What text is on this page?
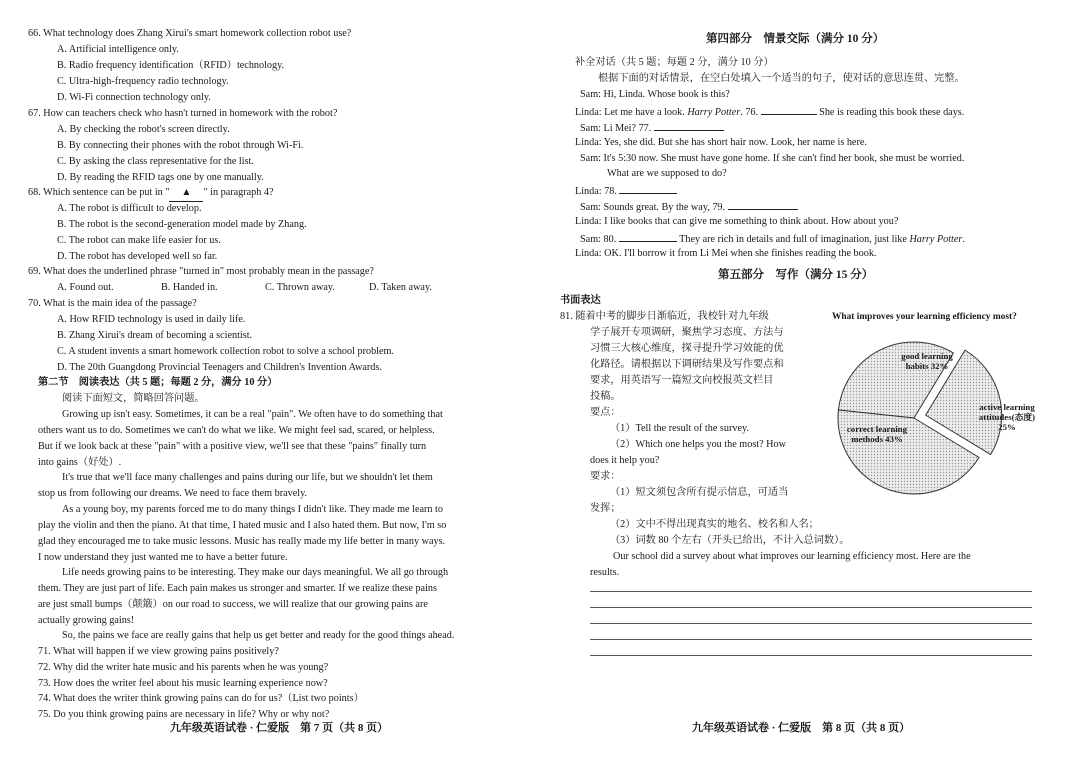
66. What technology does Zhang Xirui's smart homework collection robot use?
A. Artificial intelligence only.
B. Radio frequency identification（RFID）technology.
C. Ultra-high-frequency radio technology.
D. Wi-Fi connection technology only.
67. How can teachers check who hasn't turned in homework with the robot?
A. By checking the robot's screen directly.
B. By connecting their phones with the robot through Wi-Fi.
C. By asking the class representative for the list.
D. By reading the RFID tags one by one manually.
68. Which sentence can be put in " ▲ " in paragraph 4?
A. The robot is difficult to develop.
B. The robot is the second-generation model made by Zhang.
C. The robot can make life easier for us.
D. The robot has developed well so far.
69. What does the underlined phrase "turned in" most probably mean in the passage?
A. Found out.	B. Handed in.	C. Thrown away.	D. Taken away.
70. What is the main idea of the passage?
A. How RFID technology is used in daily life.
B. Zhang Xirui's dream of becoming a scientist.
C. A student invents a smart homework collection robot to solve a school problem.
D. The 20th Guangdong Provincial Teenagers and Children's Invention Awards.
第二节　阅读表达（共 5 题；每题 2 分，满分 10 分）
阅读下面短文，简略回答问题。
Growing up isn't easy. Sometimes, it can be a real "pain". We often have to do something that
others want us to do. Sometimes we can't do what we like. We might feel sad, scared, or helpless.
But if we look back at these "pain" with a positive view, we'll see that these "pains" finally turn
into gains（好处）.
It's true that we'll face many challenges and pains during our life, but we shouldn't let them
stop us from following our dreams. We need to face them bravely.
As a young boy, my parents forced me to do many things I didn't like. They made me learn to
play the violin and then the piano. At that time, I hated music and I also hated them. But now, I'm so
glad they encouraged me to take music lessons. Music has really made my life better in many ways.
I now understand they just wanted me to have a better future.
Life needs growing pains to be interesting. They make our days meaningful. We all go through
them. They are just part of life. Each pain makes us stronger and smarter. If we realize these pains
are just small bumps（颠簸）on our road to success, we will realize that our growing pains are
actually growing gains!
So, the pains we face are really gains that help us get better and ready for the good things ahead.
71. What will happen if we view growing pains positively?
72. Why did the writer hate music and his parents when he was young?
73. How does the writer feel about his music learning experience now?
74. What does the writer think growing pains can do for us?（List two points）
75. Do you think growing pains are necessary in life? Why or why not?
九年级英语试卷 · 仁爱版　第 7 页（共 8 页）
第四部分　情景交际（满分 10 分）
补全对话（共 5 题；每题 2 分，满分 10 分）
根据下面的对话情景，在空白处填入一个适当的句子，使对话的意思连贯、完整。
Sam: Hi, Linda. Whose book is this?
Linda: Let me have a look. Harry Potter. 76.	She is reading this book these days.
Sam: Li Mei? 77.
Linda: Yes, she did. But she has short hair now. Look, her name is here.
Sam: It's 5:30 now. She must have gone home. If she can't find her book, she must be worried.
What are we supposed to do?
Linda: 78.
Sam: Sounds great. By the way, 79.
Linda: I like books that can give me something to think about. How about you?
Sam: 80.	They are rich in details and full of imagination, just like Harry Potter.
Linda: OK. I'll borrow it from Li Mei when she finishes reading the book.
第五部分　写作（满分 15 分）
书面表达
81. 随着中考的脚步日渐临近，我校针对九年级
学子展开专项调研，聚焦学习态度、方法与
习惯三大核心维度，探寻提升学习效能的优
化路径。请根据以下调研结果及写作要点和
要求，用英语写一篇短文向校报英文栏目
投稿。
要点：
（1）Tell the result of the survey.
（2）Which one helps you the most? How
does it help you?
要求：
（1）短文须包含所有提示信息，可适当
发挥；
（2）文中不得出现真实的地名、校名和人名；
（3）词数 80 个左右（开头已给出，不计入总词数）。
Our school did a survey about what improves our learning efficiency most. Here are the
results.
What improves your learning efficiency most?
good learning
habits 32%
active learning
attitudes(态度)
25%
correct learning
methods 43%
九年级英语试卷 · 仁爱版　第 8 页（共 8 页）
